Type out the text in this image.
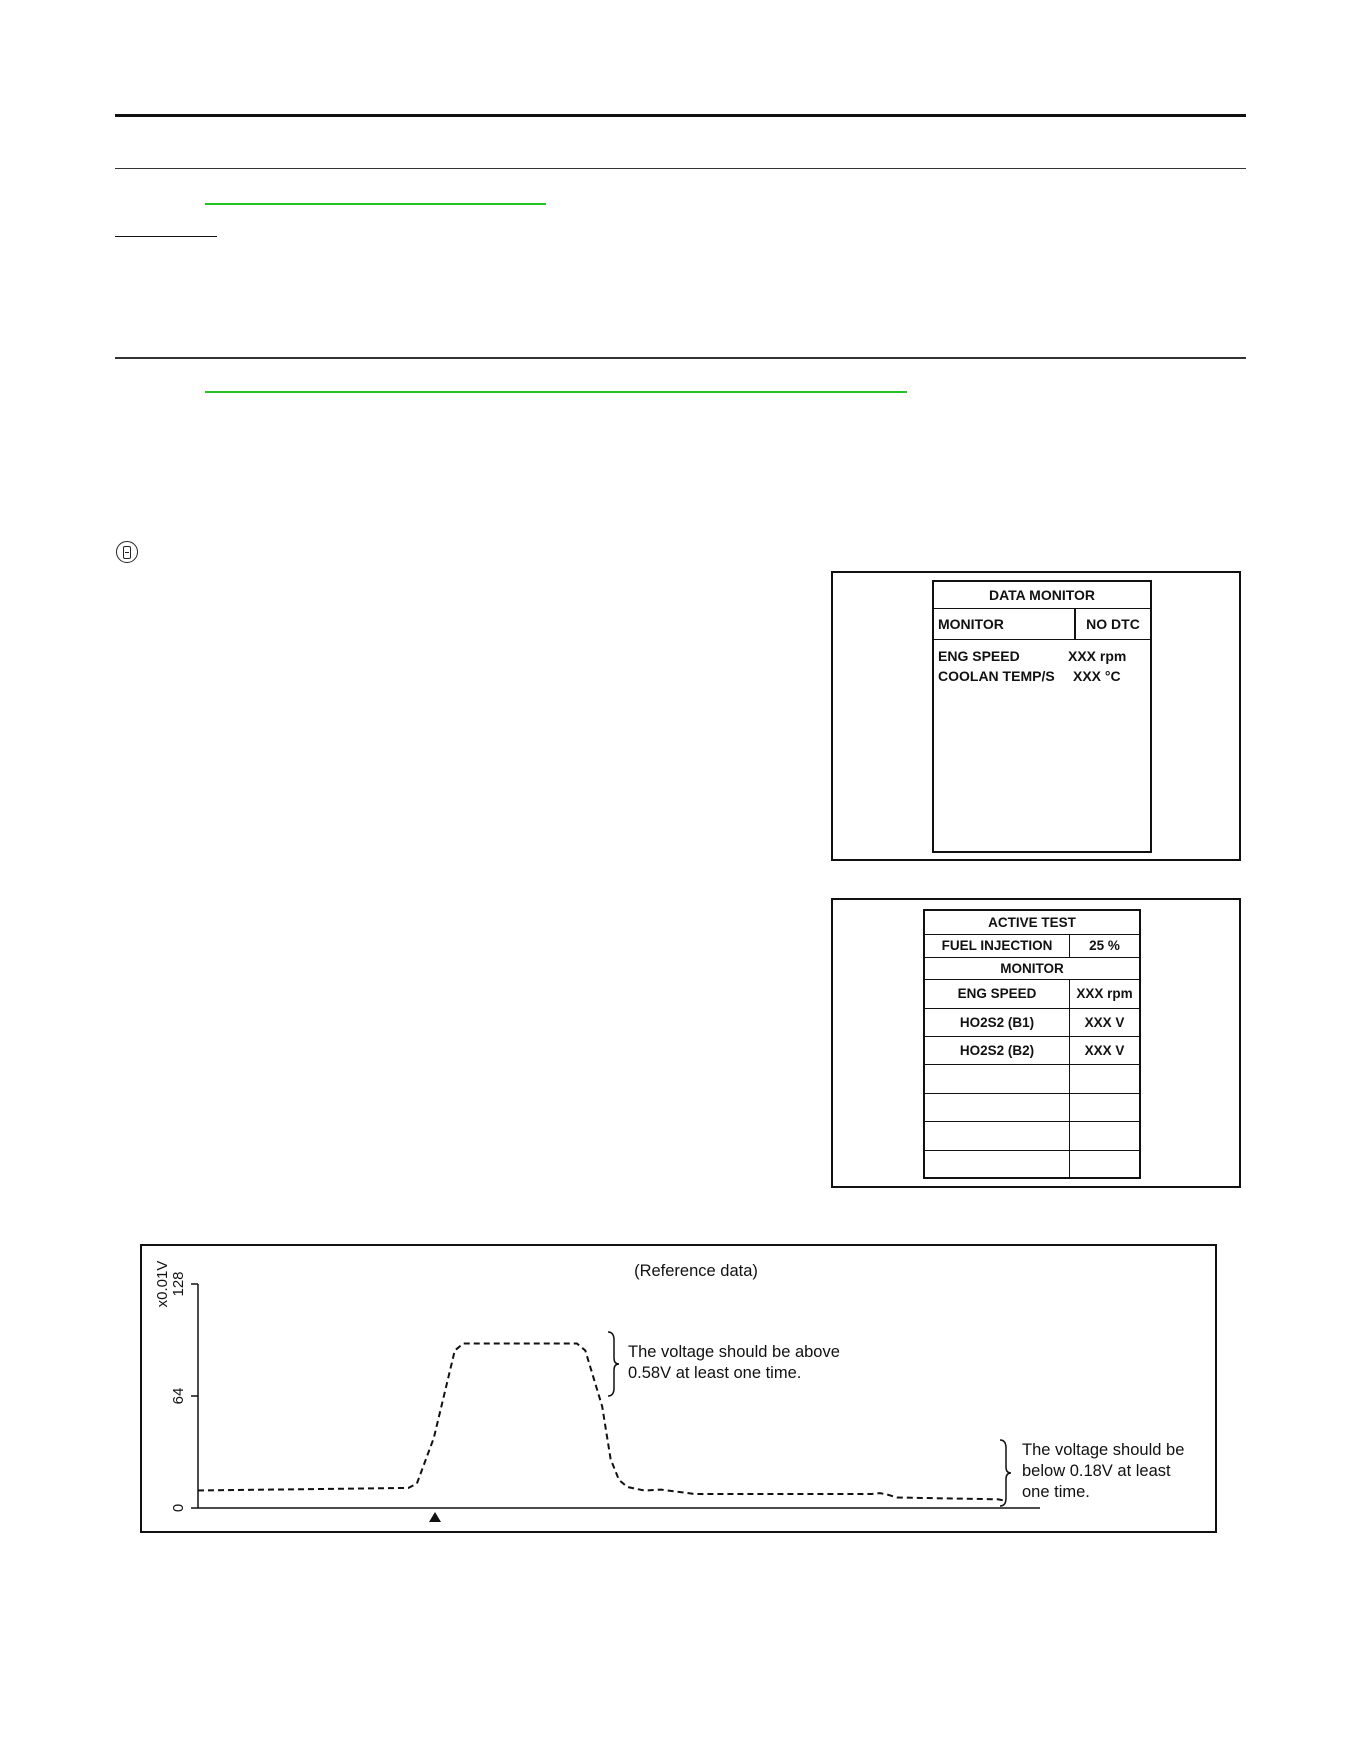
DATA MONITOR
MONITOR	NO DTC
ENG SPEED	XXX rpm
COOLAN TEMP/S XXX °C
ACTIVE TEST	
FUEL INJECTION	25 %
MONITOR	
ENG SPEED	XXX rpm
HO2S2 (B1)	XXX V
HO2S2 (B2)	XXX V

(Reference data)
x0.01V
0
64
128
The voltage should be above
0.58V at least one time.
The voltage should be
below 0.18V at least
one time.
